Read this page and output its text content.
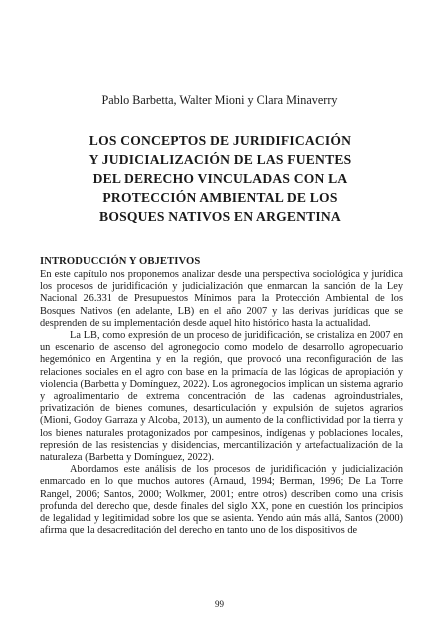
Pablo Barbetta, Walter Mioni y Clara Minaverry
LOS CONCEPTOS DE JURIDIFICACIÓN
Y JUDICIALIZACIÓN DE LAS FUENTES
DEL DERECHO VINCULADAS CON LA
PROTECCIÓN AMBIENTAL DE LOS
BOSQUES NATIVOS EN ARGENTINA
INTRODUCCIÓN Y OBJETIVOS

En este capítulo nos proponemos analizar desde una perspectiva sociológica y jurídica los procesos de juridificación y judicialización que enmarcan la sanción de la Ley Nacional 26.331 de Presupuestos Mínimos para la Protección Ambiental de los Bosques Nativos (en adelante, LB) en el año 2007 y las derivas jurídicas que se desprenden de su implementación desde aquel hito histórico hasta la actualidad.

La LB, como expresión de un proceso de juridificación, se cristaliza en 2007 en un escenario de ascenso del agronegocio como modelo de desarrollo agropecuario hegemónico en Argentina y en la región, que provocó una reconfiguración de las relaciones sociales en el agro con base en la primacía de las lógicas de apropiación y violencia (Barbetta y Domínguez, 2022). Los agronegocios implican un sistema agrario y agroalimentario de extrema concentración de las cadenas agroindustriales, privatización de bienes comunes, desarticulación y expulsión de sujetos agrarios (Mioni, Godoy Garraza y Alcoba, 2013), un aumento de la conflictividad por la tierra y los bienes naturales protagonizados por campesinos, indígenas y poblaciones locales, represión de las resistencias y disidencias, mercantilización y artefactualización de la naturaleza (Barbetta y Domínguez, 2022).

Abordamos este análisis de los procesos de juridificación y judicialización enmarcado en lo que muchos autores (Arnaud, 1994; Berman, 1996; De La Torre Rangel, 2006; Santos, 2000; Wolkmer, 2001; entre otros) describen como una crisis profunda del derecho que, desde finales del siglo XX, pone en cuestión los principios de legalidad y legitimidad sobre los que se asienta. Yendo aún más allá, Santos (2000) afirma que la desacreditación del derecho en tanto uno de los dispositivos de

99
